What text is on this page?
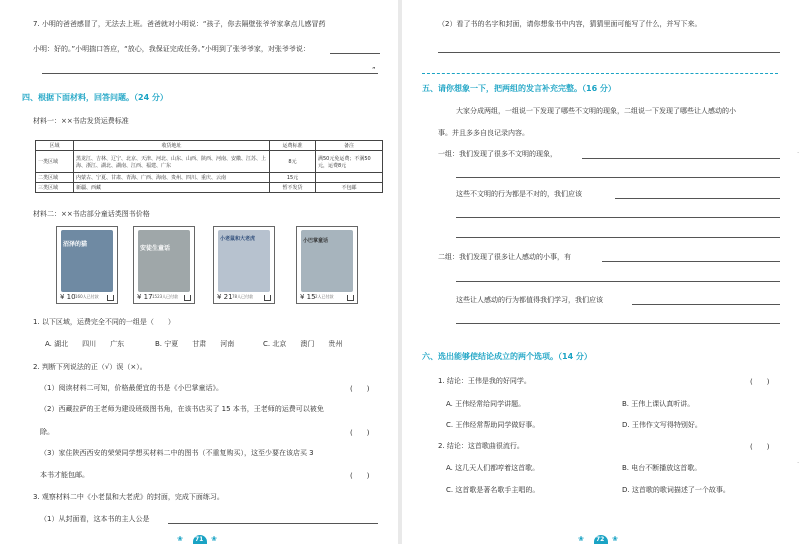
7. 小明的爸爸感冒了，无法去上班。爸爸就对小明说：“孩子，你去隔壁张爷爷家拿点儿感冒药
小明：好的。”小明揣口答应，“放心，我保证完成任务。”小明到了张爷爷家，对张爷爷说：
”
四、根据下面材料，回答问题。（24 分）
材料一：××书店发货运费标准
区域	收货地址	运费标准	备注
一类区域	黑龙江、吉林、辽宁、北京、天津、河北、山东、山西、陕西、河南、安徽、江苏、上海、浙江、湖北、湖南、江西、福建、广东	8元	满50元免运费；不满50元，运费8元
二类区域	内蒙古、宁夏、甘肃、青海、广西、海南、贵州、四川、重庆、云南	15元	
三类区域	新疆、西藏	暂不发货	不包邮
材料二：××书店部分童话类图书价格
沼泽的猫
¥ 10 160人已付款
安徒生童话
¥ 17 1523人已付款
小老鼠和大老虎
¥ 21 78人已付款
小巴掌童话
¥ 15 2人已付款
1. 以下区域，运费完全不同的一组是（　　）
A. 湖北　　四川　　广东	B. 宁夏　　甘肃　　河南	C. 北京　　澳门　　贵州
2. 判断下列说法的正（√）误（×）。
（1）阅读材料二可知，价格最便宜的书是《小巴掌童话》。	(　　)
（2）西藏拉萨的王老师为建设班级图书角，在该书店买了 15 本书，王老师的运费可以被免
除。	(　　)
（3）家住陕西西安的荣荣同学想买材料二中的图书（不重复购买），这至少要在该店买 3
本书才能包邮。	(　　)
3. 观察材料二中《小老鼠和大老虎》的封面，完成下面练习。
（1）从封面看，这本书的主人公是
❀ 71 ❀
（2）看了书的名字和封面，请你想象书中内容，猜猜里面可能写了什么，并写下来。
五、请你想象一下，把两组的发言补充完整。（16 分）
大家分成两组，一组说一下发现了哪些不文明的现象，二组说一下发现了哪些让人感动的小
事。并且多多自良记录内容。
一组：我们发现了很多不文明的现象，
这些不文明的行为都是不对的，我们应该
二组：我们发现了很多让人感动的小事，有
这些让人感动的行为都值得我们学习，我们应该
六、选出能够使结论成立的两个选项。（14 分）
1. 结论：王伟是我的好同学。	(　　)
A. 王伟经常给同学讲题。	B. 王伟上课认真听讲。
C. 王伟经常帮助同学做好事。	D. 王伟作文写得特别好。
2. 结论：这首歌曲很流行。	(　　)
A. 这几天人们都哼着这首歌。	B. 电台不断播放这首歌。
C. 这首歌是著名歌手主唱的。	D. 这首歌的歌词描述了一个故事。
·
·
❀ 72 ❀
